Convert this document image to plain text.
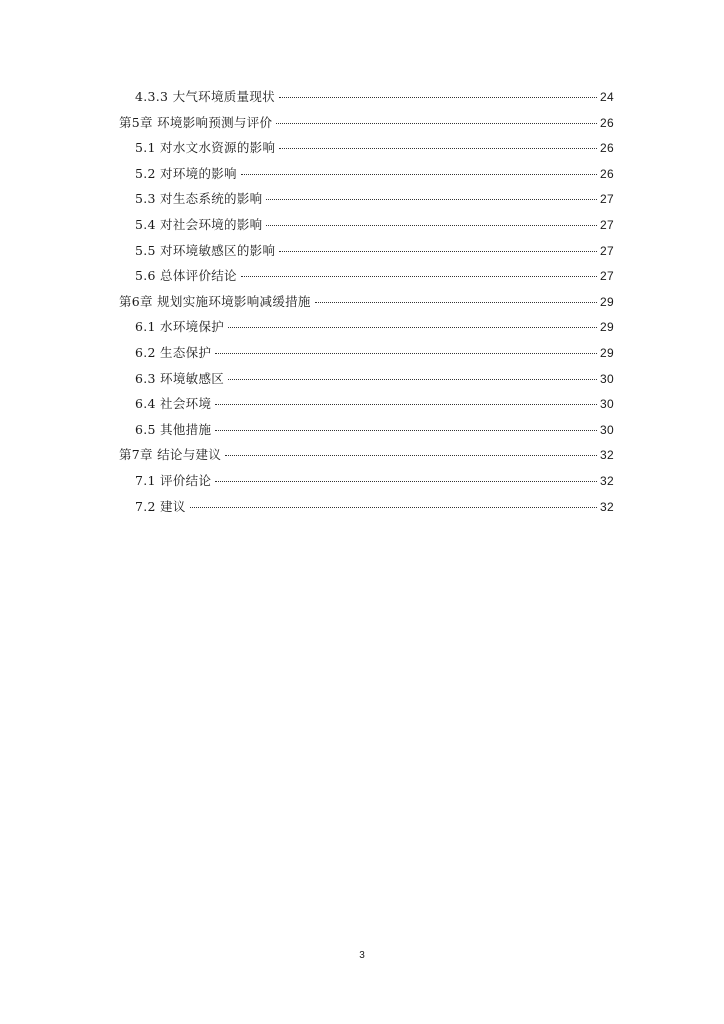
4.3.3 大气环境质量现状	24
第5章 环境影响预测与评价	26
5.1 对水文水资源的影响	26
5.2 对环境的影响	26
5.3 对生态系统的影响	27
5.4 对社会环境的影响	27
5.5 对环境敏感区的影响	27
5.6 总体评价结论	27
第6章 规划实施环境影响减缓措施	29
6.1 水环境保护	29
6.2 生态保护	29
6.3 环境敏感区	30
6.4 社会环境	30
6.5 其他措施	30
第7章 结论与建议	32
7.1 评价结论	32
7.2 建议	32
3
